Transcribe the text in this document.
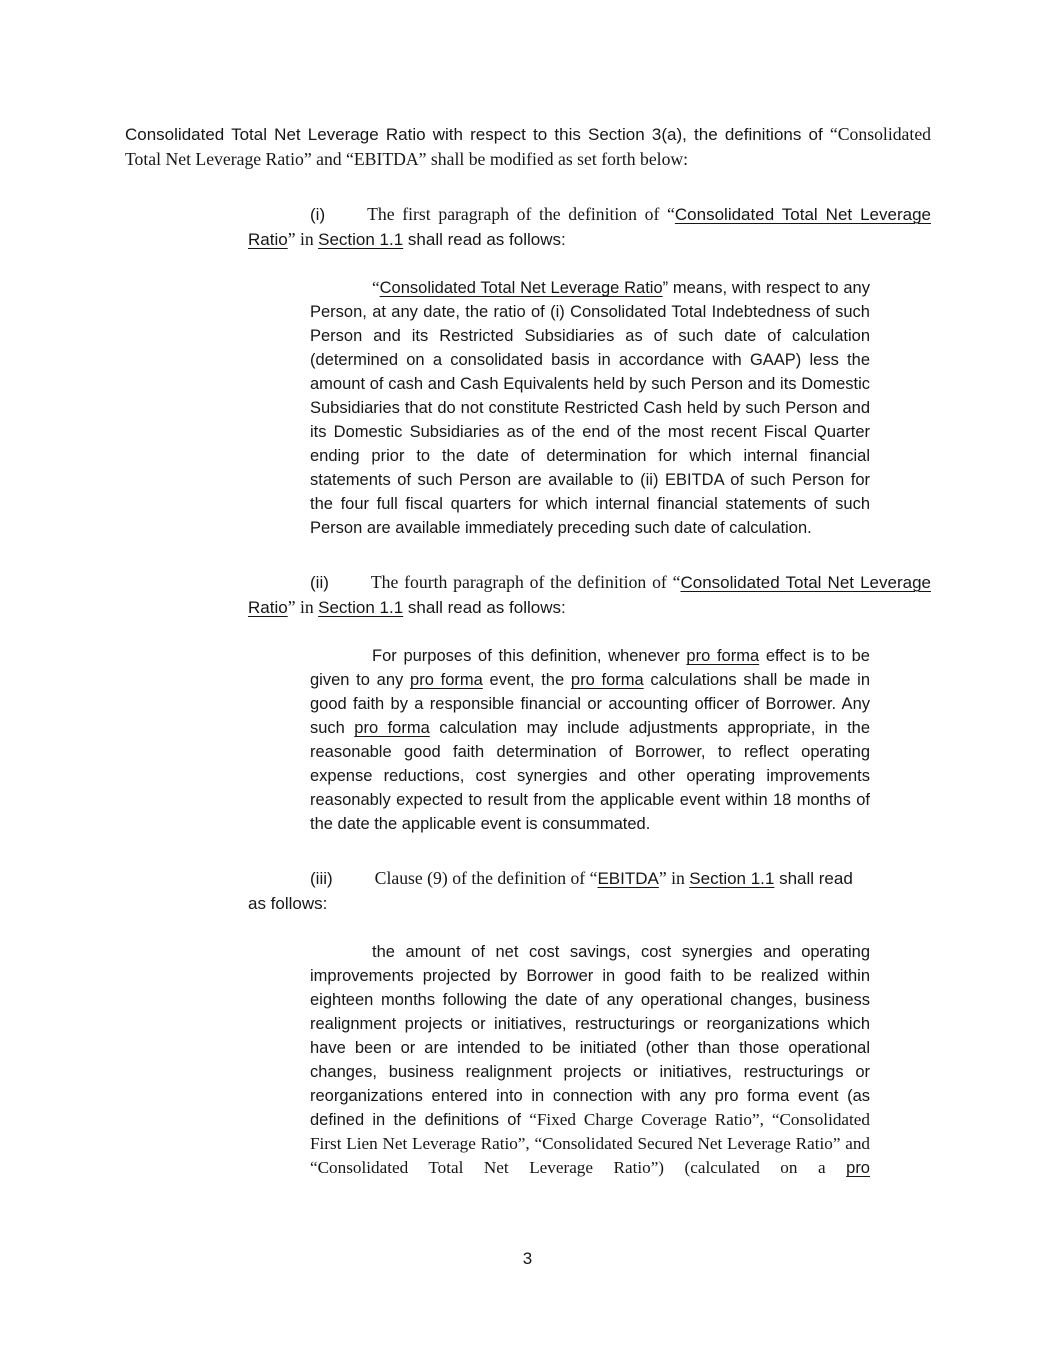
Consolidated Total Net Leverage Ratio with respect to this Section 3(a), the definitions of “Consolidated Total Net Leverage Ratio” and “EBITDA” shall be modified as set forth below:

(i) The first paragraph of the definition of “Consolidated Total Net Leverage Ratio” in Section 1.1 shall read as follows:

“Consolidated Total Net Leverage Ratio” means, with respect to any Person, at any date, the ratio of (i) Consolidated Total Indebtedness of such Person and its Restricted Subsidiaries as of such date of calculation (determined on a consolidated basis in accordance with GAAP) less the amount of cash and Cash Equivalents held by such Person and its Domestic Subsidiaries that do not constitute Restricted Cash held by such Person and its Domestic Subsidiaries as of the end of the most recent Fiscal Quarter ending prior to the date of determination for which internal financial statements of such Person are available to (ii) EBITDA of such Person for the four full fiscal quarters for which internal financial statements of such Person are available immediately preceding such date of calculation.

(ii) The fourth paragraph of the definition of “Consolidated Total Net Leverage Ratio” in Section 1.1 shall read as follows:

For purposes of this definition, whenever pro forma effect is to be given to any pro forma event, the pro forma calculations shall be made in good faith by a responsible financial or accounting officer of Borrower. Any such pro forma calculation may include adjustments appropriate, in the reasonable good faith determination of Borrower, to reflect operating expense reductions, cost synergies and other operating improvements reasonably expected to result from the applicable event within 18 months of the date the applicable event is consummated.

(iii) Clause (9) of the definition of “EBITDA” in Section 1.1 shall read
as follows:

the amount of net cost savings, cost synergies and operating improvements projected by Borrower in good faith to be realized within eighteen months following the date of any operational changes, business realignment projects or initiatives, restructurings or reorganizations which have been or are intended to be initiated (other than those operational changes, business realignment projects or initiatives, restructurings or reorganizations entered into in connection with any pro forma event (as defined in the definitions of “Fixed Charge Coverage Ratio”, “Consolidated First Lien Net Leverage Ratio”, “Consolidated Secured Net Leverage Ratio” and “Consolidated Total Net Leverage Ratio”) (calculated on a pro

3
